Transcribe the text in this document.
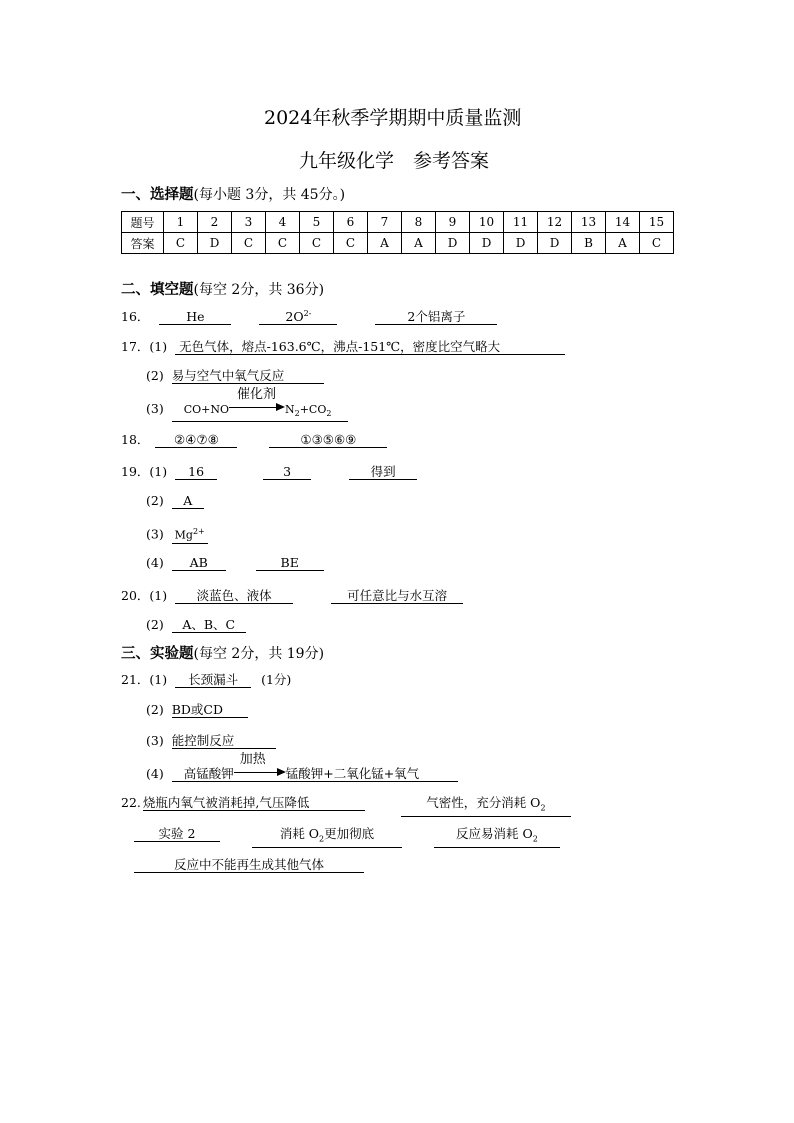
2024年秋季学期期中质量监测
九年级化学　参考答案
一、选择题(每小题 3分，共 45分。)
题号	1	2	3	4	5	6	7	8	9	10	11	12	13	14	15
答案	C	D	C	C	C	C	A	A	D	D	D	D	B	A	C
二、填空题(每空 2分，共 36分)
16．	He	$2O^{2-}$	2个铝离子
17．(1) 无色气体，熔点-163.6℃，沸点-151℃，密度比空气略大
(2) 易与空气中氧气反应
(3) CO+NO
催化剂
$N_2+CO_2$
18． ②④⑦⑧	①③⑤⑥⑨
19．(1) 16	3	得到
(2) A
(3) $Mg^{2+}$
(4) AB	BE
20．(1) 淡蓝色、液体	可任意比与水互溶
(2) A、B、C
三、实验题(每空 2分，共 19分)
21．(1) 长颈漏斗 (1分)
(2) BD或CD
(3) 能控制反应
(4) 高锰酸钾
加热
锰酸钾+二氧化锰+氧气
22. 烧瓶内氧气被消耗掉,气压降低	气密性，充分消耗 $O_2$
实验 2	消耗 $O_2$更加彻底	反应易消耗 $O_2$
反应中不能再生成其他气体
